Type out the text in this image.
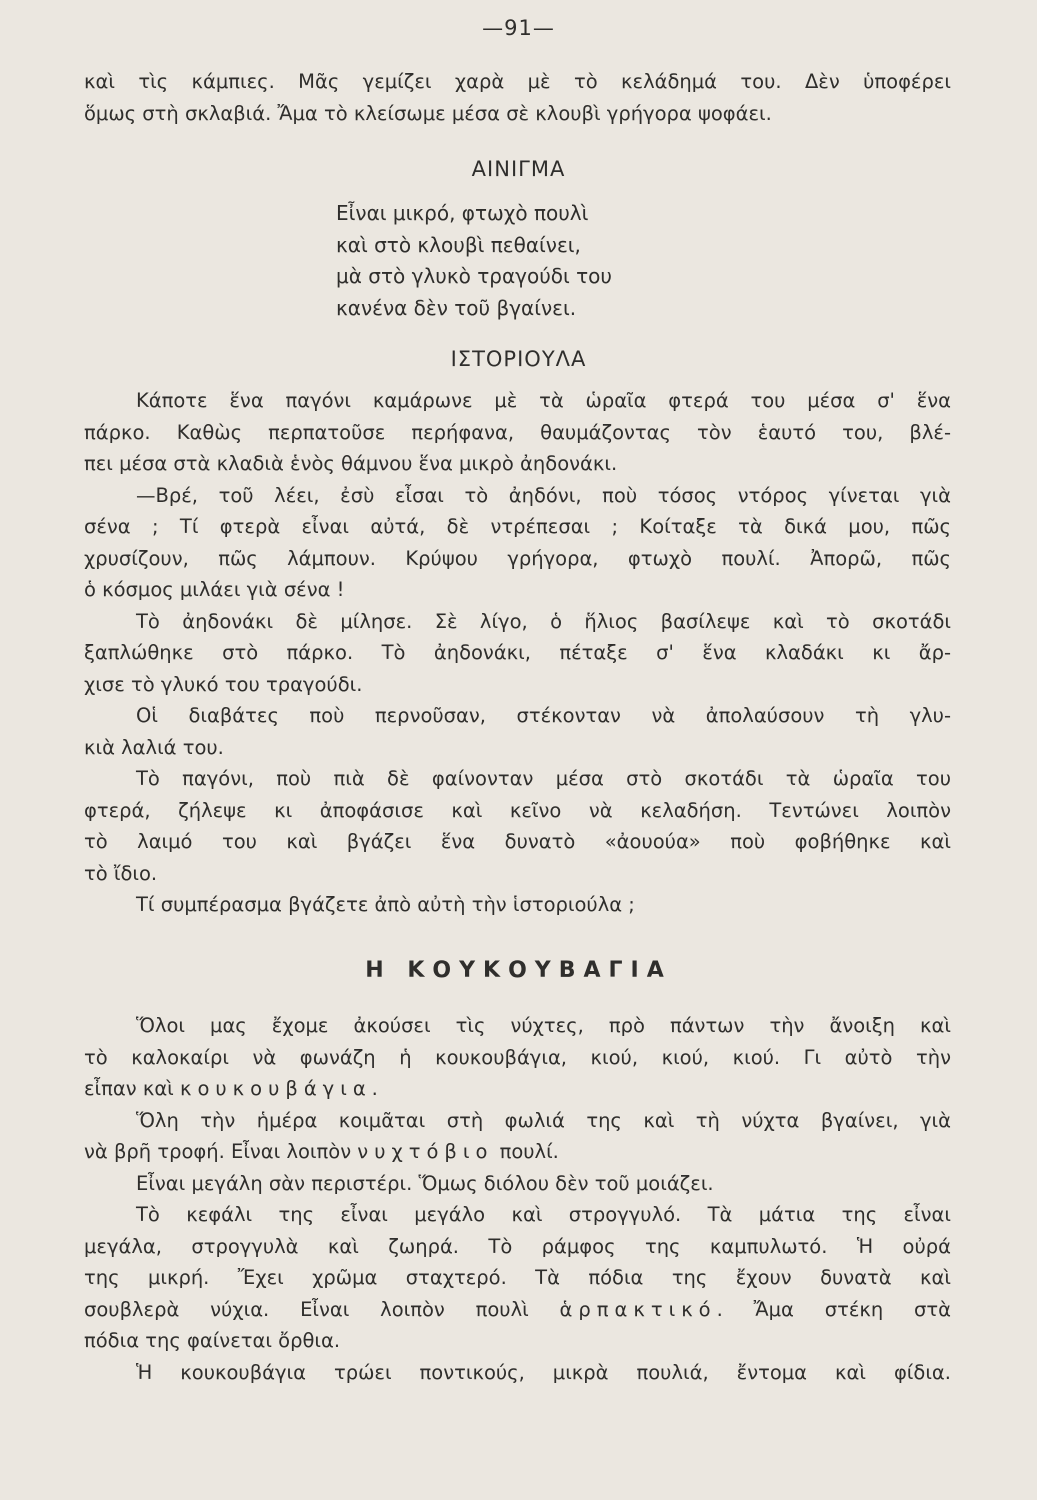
—91—
καὶ τὶς κάμπιες. Μᾶς γεμίζει χαρὰ μὲ τὸ κελάδημά του. Δὲν ὑποφέρει
ὅμως στὴ σκλαβιά. Ἄμα τὸ κλείσωμε μέσα σὲ κλουβὶ γρήγορα ψοφάει.
ΑΙΝΙΓΜΑ
Εἶναι μικρό, φτωχὸ πουλὶ
καὶ στὸ κλουβὶ πεθαίνει,
μὰ στὸ γλυκὸ τραγούδι του
κανένα δὲν τοῦ βγαίνει.
ΙΣΤΟΡΙΟΥΛΑ
Κάποτε ἕνα παγόνι καμάρωνε μὲ τὰ ὡραῖα φτερά του μέσα σ' ἕνα
πάρκο. Καθὼς περπατοῦσε περήφανα, θαυμάζοντας τὸν ἑαυτό του, βλέ-
πει μέσα στὰ κλαδιὰ ἑνὸς θάμνου ἕνα μικρὸ ἀηδονάκι.
—Βρέ, τοῦ λέει, ἐσὺ εἶσαι τὸ ἀηδόνι, ποὺ τόσος ντόρος γίνεται γιὰ
σένα ; Τί φτερὰ εἶναι αὐτά, δὲ ντρέπεσαι ; Κοίταξε τὰ δικά μου, πῶς
χρυσίζουν, πῶς λάμπουν. Κρύψου γρήγορα, φτωχὸ πουλί. Ἀπορῶ, πῶς
ὁ κόσμος μιλάει γιὰ σένα !
Τὸ ἀηδονάκι δὲ μίλησε. Σὲ λίγο, ὁ ἥλιος βασίλεψε καὶ τὸ σκοτάδι
ξαπλώθηκε στὸ πάρκο. Τὸ ἀηδονάκι, πέταξε σ' ἕνα κλαδάκι κι ἄρ-
χισε τὸ γλυκό του τραγούδι.
Οἱ διαβάτες ποὺ περνοῦσαν, στέκονταν νὰ ἀπολαύσουν τὴ γλυ-
κιὰ λαλιά του.
Τὸ παγόνι, ποὺ πιὰ δὲ φαίνονταν μέσα στὸ σκοτάδι τὰ ὡραῖα του
φτερά, ζήλεψε κι ἀποφάσισε καὶ κεῖνο νὰ κελαδήση. Τεντώνει λοιπὸν
τὸ λαιμό του καὶ βγάζει ἕνα δυνατὸ «ἀουούα» ποὺ φοβήθηκε καὶ
τὸ ἴδιο.
Τί συμπέρασμα βγάζετε ἀπὸ αὐτὴ τὴν ἱστοριούλα ;
Η ΚΟΥΚΟΥΒΑΓΙΑ
Ὅλοι μας ἔχομε ἀκούσει τὶς νύχτες, πρὸ πάντων τὴν ἄνοιξη καὶ
τὸ καλοκαίρι νὰ φωνάζη ἡ κουκουβάγια, κιού, κιού, κιού. Γι αὐτὸ τὴν
εἶπαν καὶ κουκουβάγια.
Ὅλη τὴν ἡμέρα κοιμᾶται στὴ φωλιά της καὶ τὴ νύχτα βγαίνει, γιὰ
νὰ βρῆ τροφή. Εἶναι λοιπὸν νυχτόβιο πουλί.
Εἶναι μεγάλη σὰν περιστέρι. Ὅμως διόλου δὲν τοῦ μοιάζει.
Τὸ κεφάλι της εἶναι μεγάλο καὶ στρογγυλό. Τὰ μάτια της εἶναι
μεγάλα, στρογγυλὰ καὶ ζωηρά. Τὸ ράμφος της καμπυλωτό. Ἡ οὐρά
της μικρή. Ἔχει χρῶμα σταχτερό. Τὰ πόδια της ἔχουν δυνατὰ καὶ
σουβλερὰ νύχια. Εἶναι λοιπὸν πουλὶ ἁρπακτικό. Ἄμα στέκη στὰ
πόδια της φαίνεται ὄρθια.
Ἡ κουκουβάγια τρώει ποντικούς, μικρὰ πουλιά, ἔντομα καὶ φίδια.
